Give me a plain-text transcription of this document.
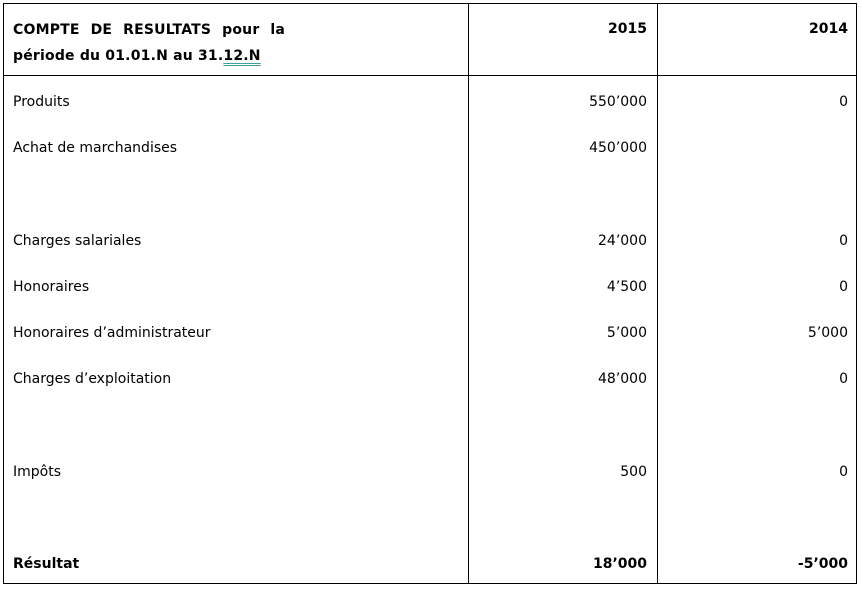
COMPTE DE RESULTATS pour la
période du 01.01.N au 31.12.N
2015	2014
Produits	550’000	0
Achat de marchandises	450’000
Charges salariales	24’000	0
Honoraires	4’500	0
Honoraires d’administrateur	5’000	5’000
Charges d’exploitation	48’000	0
Impôts	500	0
Résultat	18’000	-5’000
